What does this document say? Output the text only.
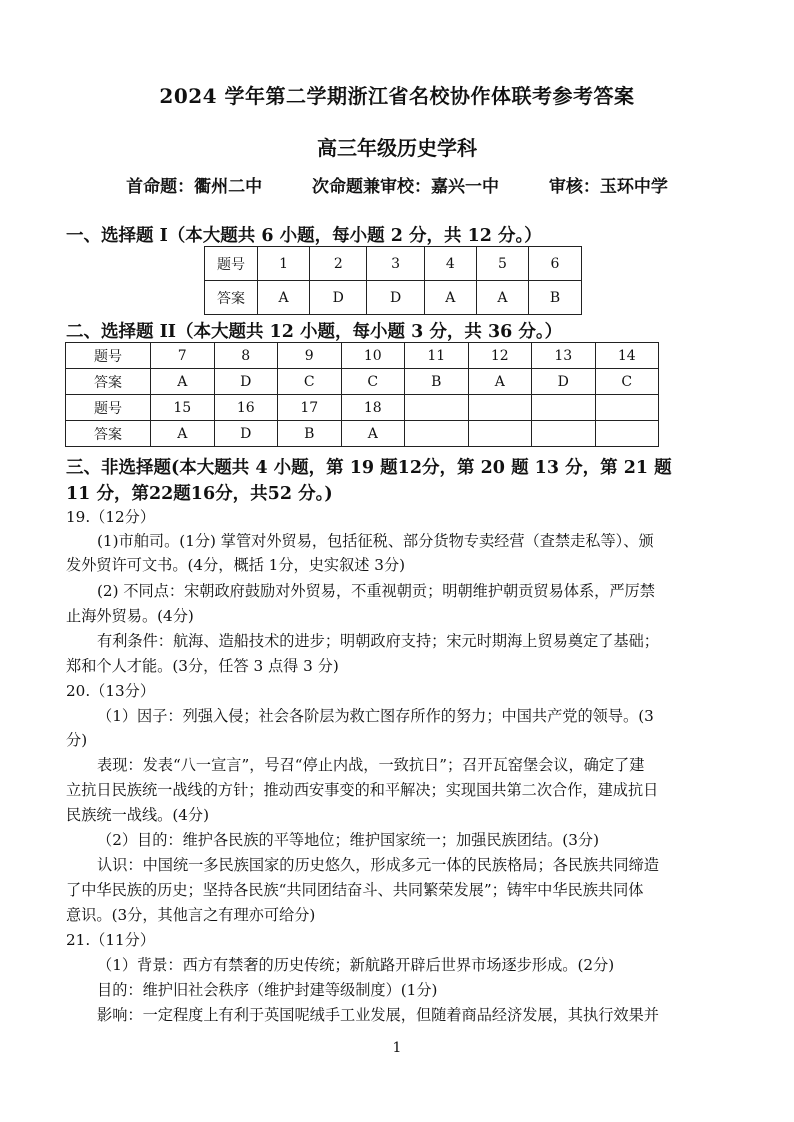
2024 学年第二学期浙江省名校协作体联考参考答案
高三年级历史学科
首命题：衢州二中	次命题兼审校：嘉兴一中	审核：玉环中学
一、选择题 I（本大题共 6 小题，每小题 2 分，共 12 分。）
题号	1	2	3	4	5	6
答案	A	D	D	A	A	B
二、选择题 II（本大题共 12 小题，每小题 3 分，共 36 分。）
题号	7	8	9	10	11	12	13	14
答案	A	D	C	C	B	A	D	C
题号	15	16	17	18				
答案	A	D	B	A				
三、非选择题(本大题共 4 小题，第 19 题12分，第 20 题 13 分，第 21 题
11 分，第22题16分，共52 分。)
19.（12分）
(1)市舶司。(1分) 掌管对外贸易，包括征税、部分货物专卖经营（查禁走私等）、颁
发外贸许可文书。(4分，概括 1分，史实叙述 3分)
(2) 不同点：宋朝政府鼓励对外贸易，不重视朝贡；明朝维护朝贡贸易体系，严厉禁
止海外贸易。(4分)
有利条件：航海、造船技术的进步；明朝政府支持；宋元时期海上贸易奠定了基础；
郑和个人才能。(3分，任答 3 点得 3 分)
20.（13分）
（1）因子：列强入侵；社会各阶层为救亡图存所作的努力；中国共产党的领导。(3
分)
表现：发表“八一宣言”，号召“停止内战，一致抗日”；召开瓦窑堡会议，确定了建
立抗日民族统一战线的方针；推动西安事变的和平解决；实现国共第二次合作，建成抗日
民族统一战线。(4分)
（2）目的：维护各民族的平等地位；维护国家统一；加强民族团结。(3分)
认识：中国统一多民族国家的历史悠久，形成多元一体的民族格局；各民族共同缔造
了中华民族的历史；坚持各民族“共同团结奋斗、共同繁荣发展”；铸牢中华民族共同体
意识。(3分，其他言之有理亦可给分)
21.（11分）
（1）背景：西方有禁奢的历史传统；新航路开辟后世界市场逐步形成。(2分)
目的：维护旧社会秩序（维护封建等级制度）(1分)
影响：一定程度上有利于英国呢绒手工业发展，但随着商品经济发展，其执行效果并
1
